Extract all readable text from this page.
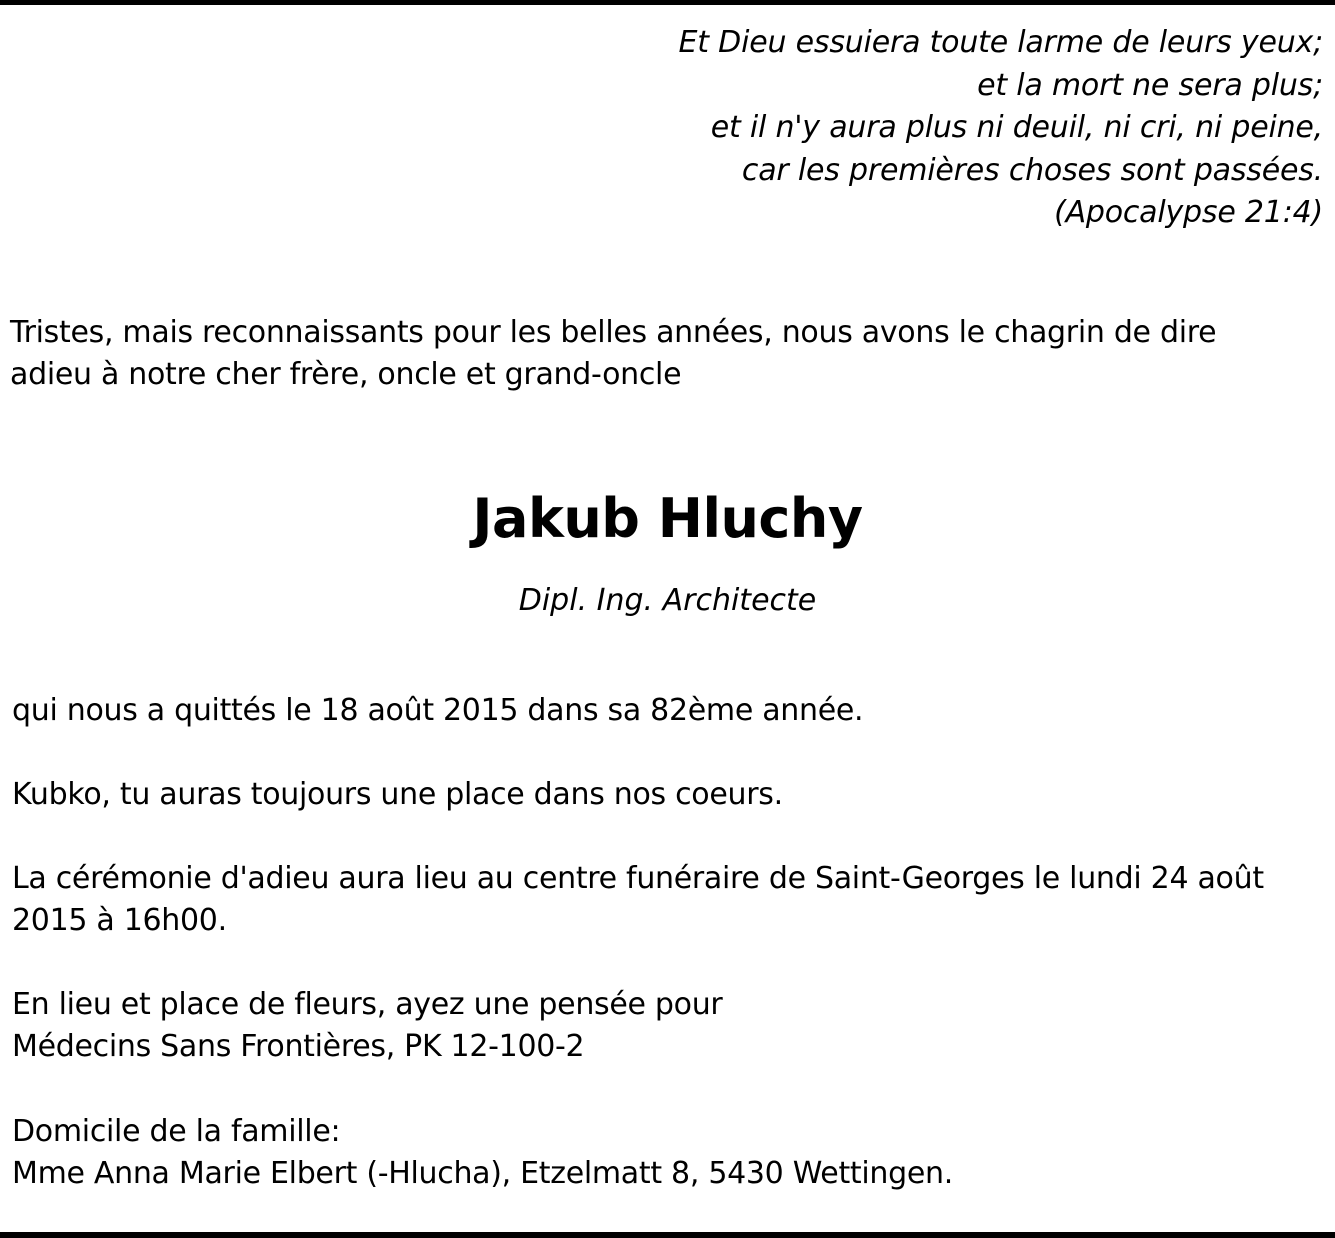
Et Dieu essuiera toute larme de leurs yeux;
et la mort ne sera plus;
et il n'y aura plus ni deuil, ni cri, ni peine,
car les premières choses sont passées.
(Apocalypse 21:4)
Tristes, mais reconnaissants pour les belles années, nous avons le chagrin de dire
adieu à notre cher frère, oncle et grand-oncle
Jakub Hluchy
Dipl. Ing. Architecte
qui nous a quittés le 18 août 2015 dans sa 82ème année.
Kubko, tu auras toujours une place dans nos coeurs.
La cérémonie d'adieu aura lieu au centre funéraire de Saint-Georges le lundi 24 août
2015 à 16h00.
En lieu et place de fleurs, ayez une pensée pour
Médecins Sans Frontières, PK 12-100-2
Domicile de la famille:
Mme Anna Marie Elbert (-Hlucha), Etzelmatt 8, 5430 Wettingen.
